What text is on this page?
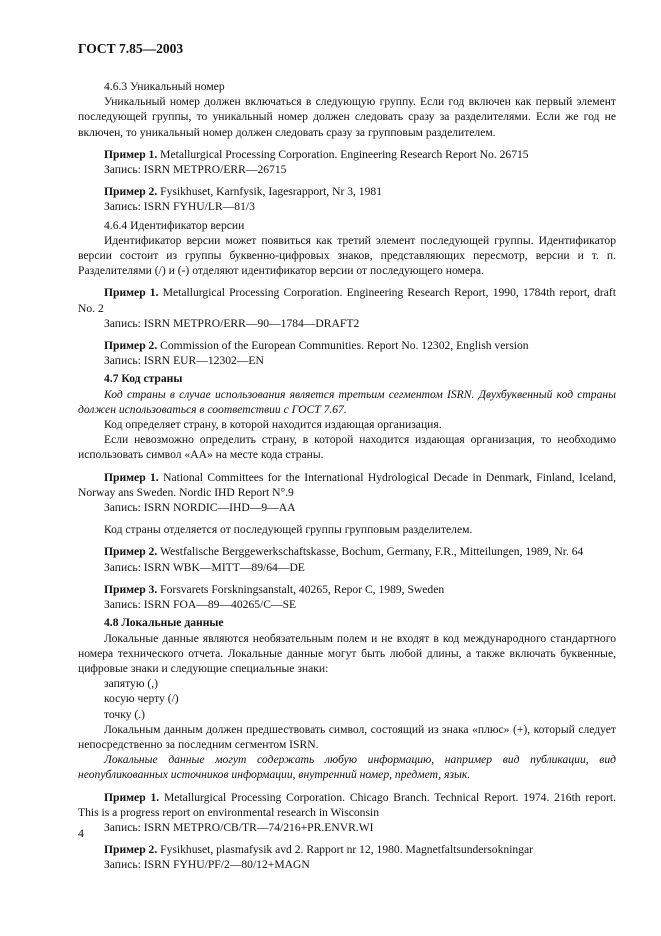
ГОСТ 7.85—2003

4.6.3 Уникальный номер

Уникальный номер должен включаться в следующую группу. Если год включен как первый элемент последующей группы, то уникальный номер должен следовать сразу за разделителями. Если же год не включен, то уникальный номер должен следовать сразу за групповым разделителем.

Пример 1. Metallurgical Processing Corporation. Engineering Research Report No. 26715

Запись: ISRN METPRO/ERR—26715

Пример 2. Fysikhuset, Karnfysik, Iagesrapport, Nr 3, 1981

Запись: ISRN FYHU/LR—81/3

4.6.4 Идентификатор версии

Идентификатор версии может появиться как третий элемент последующей группы. Идентификатор версии состоит из группы буквенно-цифровых знаков, представляющих пересмотр, версии и т. п. Разделителями (/) и (-) отделяют идентификатор версии от последующего номера.

Пример 1. Metallurgical Processing Corporation. Engineering Research Report, 1990, 1784th report, draft No. 2

Запись: ISRN METPRO/ERR—90—1784—DRAFT2

Пример 2. Commission of the European Communities. Report No. 12302, English version

Запись: ISRN EUR—12302—EN

4.7 Код страны

Код страны в случае использования является третьим сегментом ISRN. Двухбуквенный код страны должен использоваться в соответствии с ГОСТ 7.67.

Код определяет страну, в которой находится издающая организация.

Если невозможно определить страну, в которой находится издающая организация, то необходимо использовать символ «АА» на месте кода страны.

Пример 1. National Committees for the International Hydrological Decade in Denmark, Finland, Iceland, Norway ans Sweden. Nordic IHD Report N°.9

Запись: ISRN NORDIC—IHD—9—AA

Код страны отделяется от последующей группы групповым разделителем.

Пример 2. Westfalische Berggewerkschaftskasse, Bochum, Germany, F.R., Mitteilungen, 1989, Nr. 64

Запись: ISRN WBK—MITT—89/64—DE

Пример 3. Forsvarets Forskningsanstalt, 40265, Repor C, 1989, Sweden

Запись: ISRN FOA—89—40265/C—SE

4.8 Локальные данные

Локальные данные являются необязательным полем и не входят в код международного стандартного номера технического отчета. Локальные данные могут быть любой длины, а также включать буквенные, цифровые знаки и следующие специальные знаки:

запятую (,)

косую черту (/)

точку (.)

Локальным данным должен предшествовать символ, состоящий из знака «плюс» (+), который следует непосредственно за последним сегментом ISRN.

Локальные данные могут содержать любую информацию, например вид публикации, вид неопубликованных источников информации, внутренний номер, предмет, язык.

Пример 1. Metallurgical Processing Corporation. Chicago Branch. Technical Report. 1974. 216th report. This is a progress report on environmental research in Wisconsin

Запись: ISRN METPRO/CB/TR—74/216+PR.ENVR.WI

Пример 2. Fysikhuset, plasmafysik avd 2. Rapport nr 12, 1980. Magnetfaltsundersokningar

Запись: ISRN FYHU/PF/2—80/12+MAGN

4
